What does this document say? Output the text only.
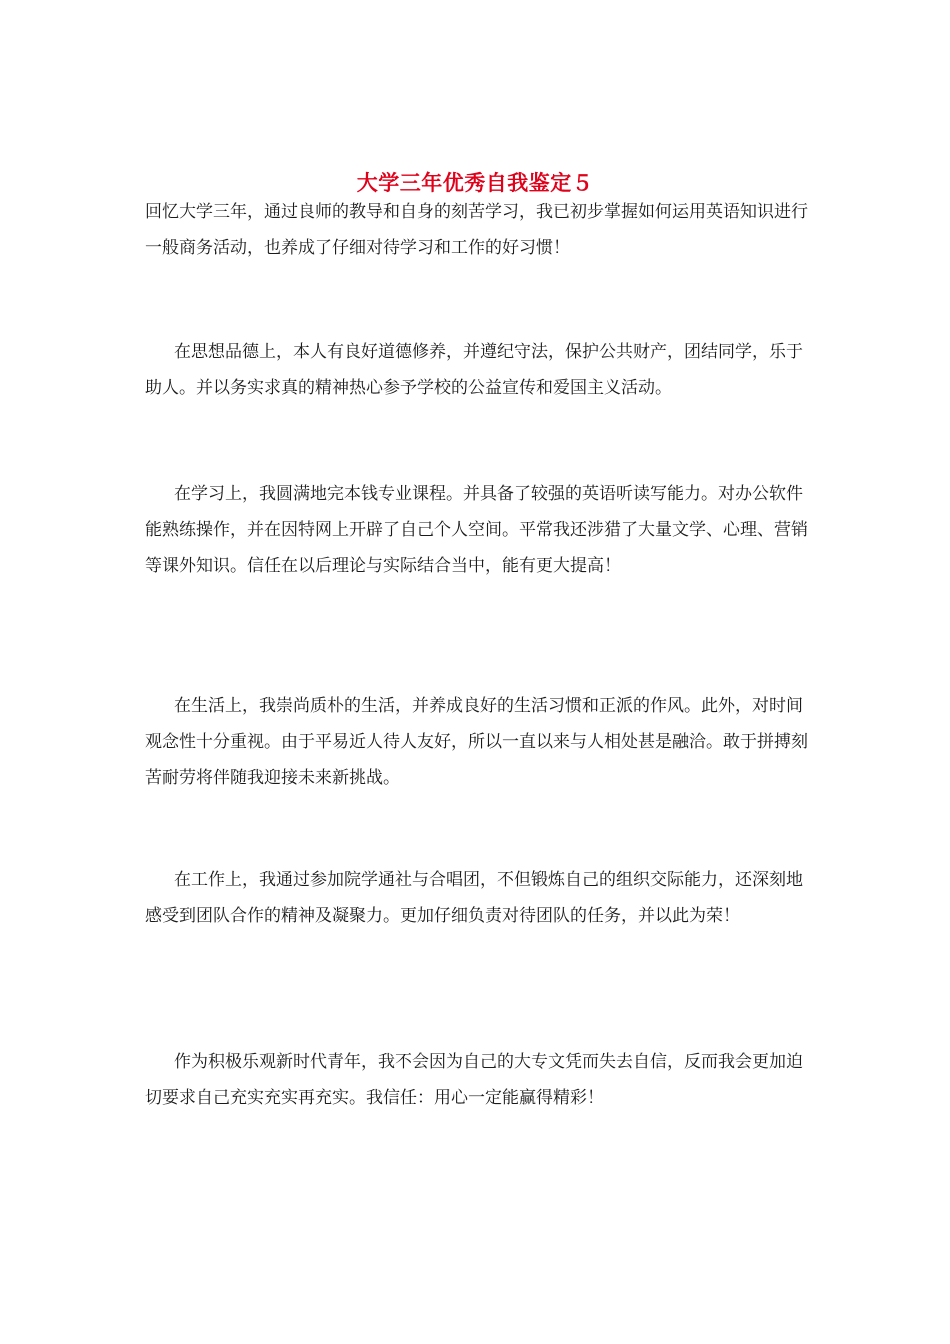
大学三年优秀自我鉴定５

回忆大学三年，通过良师的教导和自身的刻苦学习，我已初步掌握如何运用英语知识进行一般商务活动，也养成了仔细对待学习和工作的好习惯！

在思想品德上，本人有良好道德修养，并遵纪守法，保护公共财产，团结同学，乐于助人。并以务实求真的精神热心参予学校的公益宣传和爱国主义活动。

在学习上，我圆满地完本钱专业课程。并具备了较强的英语听读写能力。对办公软件能熟练操作，并在因特网上开辟了自己个人空间。平常我还涉猎了大量文学、心理、营销等课外知识。信任在以后理论与实际结合当中，能有更大提高！

在生活上，我崇尚质朴的生活，并养成良好的生活习惯和正派的作风。此外，对时间观念性十分重视。由于平易近人待人友好，所以一直以来与人相处甚是融洽。敢于拼搏刻苦耐劳将伴随我迎接未来新挑战。

在工作上，我通过参加院学通社与合唱团，不但锻炼自己的组织交际能力，还深刻地感受到团队合作的精神及凝聚力。更加仔细负责对待团队的任务，并以此为荣！

作为积极乐观新时代青年，我不会因为自己的大专文凭而失去自信，反而我会更加迫切要求自己充实充实再充实。我信任：用心一定能赢得精彩！
